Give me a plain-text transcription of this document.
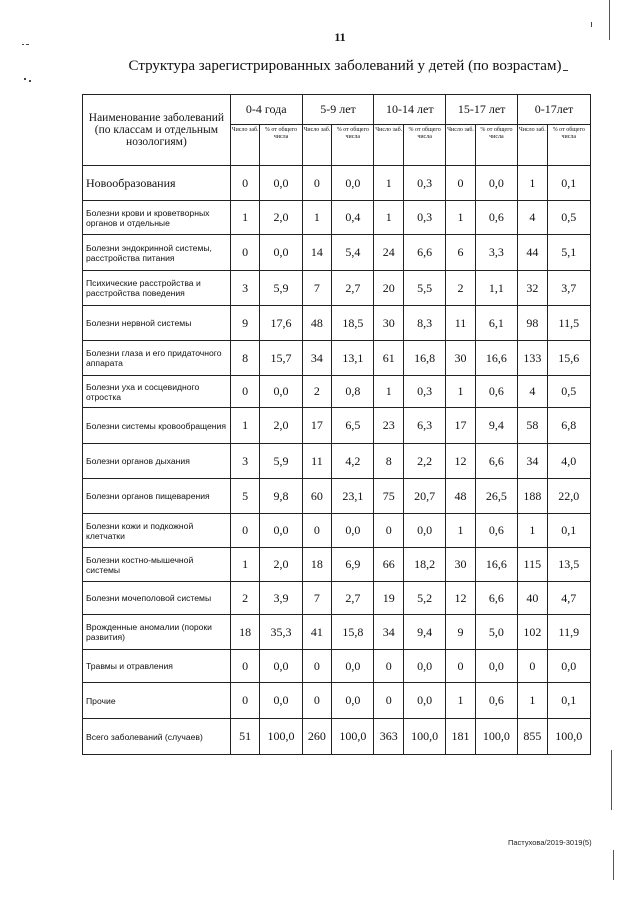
11
Структура зарегистрированных заболеваний у детей (по возрастам)
Наименование заболеваний (по классам и отдельным нозологиям)	0-4 года		5-9 лет		10-14 лет		15-17 лет		0-17лет	
	Число заб.	% от общего числа	Число заб.	% от общего числа	Число заб.	% от общего числа	Число заб.	% от общего числа	Число заб.	% от общего числа
Новообразования	0	0,0	0	0,0	1	0,3	0	0,0	1	0,1
Болезни крови и кроветворных органов и отдельные	1	2,0	1	0,4	1	0,3	1	0,6	4	0,5
Болезни эндокринной системы, расстройства питания	0	0,0	14	5,4	24	6,6	6	3,3	44	5,1
Психические расстройства и расстройства поведения	3	5,9	7	2,7	20	5,5	2	1,1	32	3,7
Болезни нервной системы	9	17,6	48	18,5	30	8,3	11	6,1	98	11,5
Болезни глаза и его придаточного аппарата	8	15,7	34	13,1	61	16,8	30	16,6	133	15,6
Болезни уха и сосцевидного отростка	0	0,0	2	0,8	1	0,3	1	0,6	4	0,5
Болезни системы кровообращения	1	2,0	17	6,5	23	6,3	17	9,4	58	6,8
Болезни органов дыхания	3	5,9	11	4,2	8	2,2	12	6,6	34	4,0
Болезни органов пищеварения	5	9,8	60	23,1	75	20,7	48	26,5	188	22,0
Болезни кожи и подкожной клетчатки	0	0,0	0	0,0	0	0,0	1	0,6	1	0,1
Болезни костно-мышечной системы	1	2,0	18	6,9	66	18,2	30	16,6	115	13,5
Болезни мочеполовой системы	2	3,9	7	2,7	19	5,2	12	6,6	40	4,7
Врожденные аномалии (пороки развития)	18	35,3	41	15,8	34	9,4	9	5,0	102	11,9
Травмы и отравления	0	0,0	0	0,0	0	0,0	0	0,0	0	0,0
Прочие	0	0,0	0	0,0	0	0,0	1	0,6	1	0,1
Всего заболеваний (случаев)	51	100,0	260	100,0	363	100,0	181	100,0	855	100,0
Пастухова/2019-3019(5)
